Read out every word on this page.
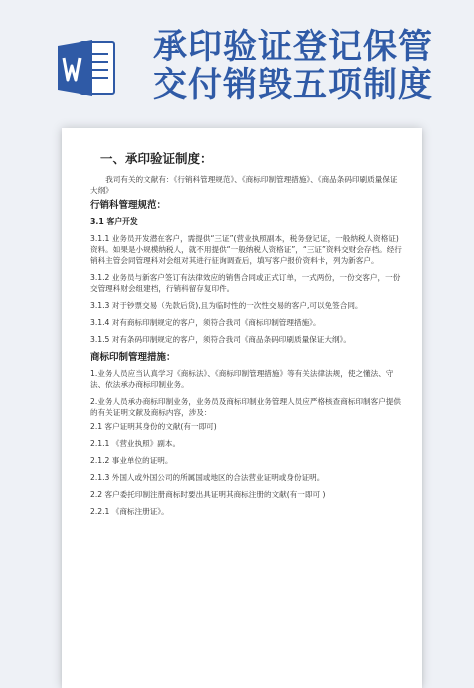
承印验证登记保管
交付销毁五项制度
一、承印验证制度：
我司有关的文献有：《行销科管理规范》、《商标印制管理措施》、《商品条码印刷质量保证大纲》
行销科管理规范：
3.1 客户开发
3.1.1 业务员开发潜在客户，需提供“三证”(营业执照副本，税务登记证，一般纳税人资格证)资料。如果是小规模纳税人，就不用提供“一般纳税人资格证”，“三证”资料交财会存档。经行销科主管会同管理科对会组对其进行征询调查后，填写客户报价资料卡，列为新客户。
3.1.2 业务员与新客户签订有法律效应的销售合同或正式订单，一式两份，一份交客户，一份交管理科财会组建档，行销科留存复印件。
3.1.3 对于钞票交易（先款后货),且为临时性的一次性交易的客户,可以免签合同。
3.1.4 对有商标印制规定的客户，须符合我司《商标印制管理措施》。
3.1.5 对有条码印制规定的客户，须符合我司《商品条码印刷质量保证大纲》。
商标印制管理措施：
1.业务人员应当认真学习《商标法》、《商标印制管理措施》等有关法律法规，使之懂法、守法、依法承办商标印制业务。
2.业务人员承办商标印制业务，业务员及商标印制业务管理人员应严格核查商标印制客户提供的有关证明文献及商标内容，涉及：
2.1 客户证明其身份的文献(有一即可)
2.1.1 《营业执照》副本。
2.1.2 事业单位的证明。
2.1.3 外国人或外国公司的所属国或地区的合法营业证明或身份证明。
2.2 客户委托印制注册商标时要出具证明其商标注册的文献(有一即可 )
2.2.1 《商标注册证》。
